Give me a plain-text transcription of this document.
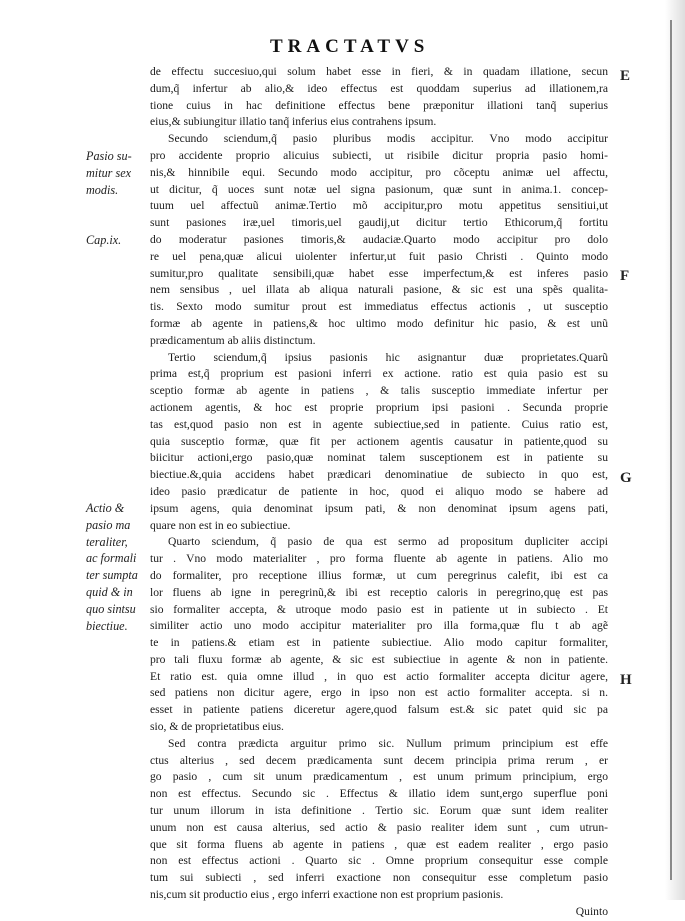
TRACTATVS
E
F
G
H
Pasio su-
mitur sex
modis.
Cap.ix.
Actio &
pasio ma
teraliter,
ac formali
ter sumpta
quid & in
quo sintsu
biectiue.
de effectu succesiuo,qui solum habet esse in fieri, & in quadam illatione, secun
dum,q̃ infertur ab alio,& ideo effectus est quoddam superius ad illationem,ra
tione cuius in hac definitione effectus bene præponitur illationi tanq̃ superius
eius,& subiungitur illatio tanq̃ inferius eius contrahens ipsum.
Secundo sciendum,q̃ pasio pluribus modis accipitur. Vno modo accipitur
pro accidente proprio alicuius subiecti, ut risibile dicitur propria pasio homi-
nis,& hinnibile equi. Secundo modo accipitur, pro cõceptu animæ uel affectu,
ut dicitur, q̃ uoces sunt notæ uel signa pasionum, quæ sunt in anima.1. concep-
tuum uel affectuũ animæ.Tertio mõ accipitur,pro motu appetitus sensitiui,ut
sunt pasiones iræ,uel timoris,uel gaudij,ut dicitur tertio Ethicorum,q̃ fortitu
do moderatur pasiones timoris,& audaciæ.Quarto modo accipitur pro dolo
re uel pena,quæ alicui uiolenter infertur,ut fuit pasio Christi . Quinto modo
sumitur,pro qualitate sensibili,quæ habet esse imperfectum,& est inferes pasio
nem sensibus , uel illata ab aliqua naturali pasione, & sic est una spẽs qualita-
tis. Sexto modo sumitur prout est immediatus effectus actionis , ut susceptio
formæ ab agente in patiens,& hoc ultimo modo definitur hic pasio, & est unũ
prædicamentum ab aliis distinctum.
Tertio sciendum,q̃ ipsius pasionis hic asignantur duæ proprietates.Quarũ
prima est,q̃ proprium est pasioni inferri ex actione. ratio est quia pasio est su
sceptio formæ ab agente in patiens , & talis susceptio immediate infertur per
actionem agentis, & hoc est proprie proprium ipsi pasioni . Secunda proprie
tas est,quod pasio non est in agente subiectiue,sed in patiente. Cuius ratio est,
quia susceptio formæ, quæ fit per actionem agentis causatur in patiente,quod su
biicitur actioni,ergo pasio,quæ nominat talem susceptionem est in patiente su
biectiue.&,quia accidens habet prædicari denominatiue de subiecto in quo est,
ideo pasio prædicatur de patiente in hoc, quod ei aliquo modo se habere ad
ipsum agens, quia denominat ipsum pati, & non denominat ipsum agens pati,
quare non est in eo subiectiue.
Quarto sciendum, q̃ pasio de qua est sermo ad propositum dupliciter accipi
tur . Vno modo materialiter , pro forma fluente ab agente in patiens. Alio mo
do formaliter, pro receptione illius formæ, ut cum peregrinus calefit, ibi est ca
lor fluens ab igne in peregrinũ,& ibi est receptio caloris in peregrino,quę est pas
sio formaliter accepta, & utroque modo pasio est in patiente ut in subiecto . Et
similiter actio uno modo accipitur materialiter pro illa forma,quæ flu t ab agẽ
te in patiens.& etiam est in patiente subiectiue. Alio modo capitur formaliter,
pro tali fluxu formæ ab agente, & sic est subiectiue in agente & non in patiente.
Et ratio est. quia omne illud , in quo est actio formaliter accepta dicitur agere,
sed patiens non dicitur agere, ergo in ipso non est actio formaliter accepta. si n.
esset in patiente patiens diceretur agere,quod falsum est.& sic patet quid sic pa
sio, & de proprietatibus eius.
Sed contra prædicta arguitur primo sic. Nullum primum principium est effe
ctus alterius , sed decem prædicamenta sunt decem principia prima rerum , er
go pasio , cum sit unum prædicamentum , est unum primum principium, ergo
non est effectus. Secundo sic . Effectus & illatio idem sunt,ergo superflue poni
tur unum illorum in ista definitione . Tertio sic. Eorum quæ sunt idem realiter
unum non est causa alterius, sed actio & pasio realiter idem sunt , cum utrun-
que sit forma fluens ab agente in patiens , quæ est eadem realiter , ergo pasio
non est effectus actioni . Quarto sic . Omne proprium consequitur esse comple
tum sui subiecti , sed inferri exactione non consequitur esse completum pasio
nis,cum sit productio eius , ergo inferri exactione non est proprium pasionis.
Quinto
